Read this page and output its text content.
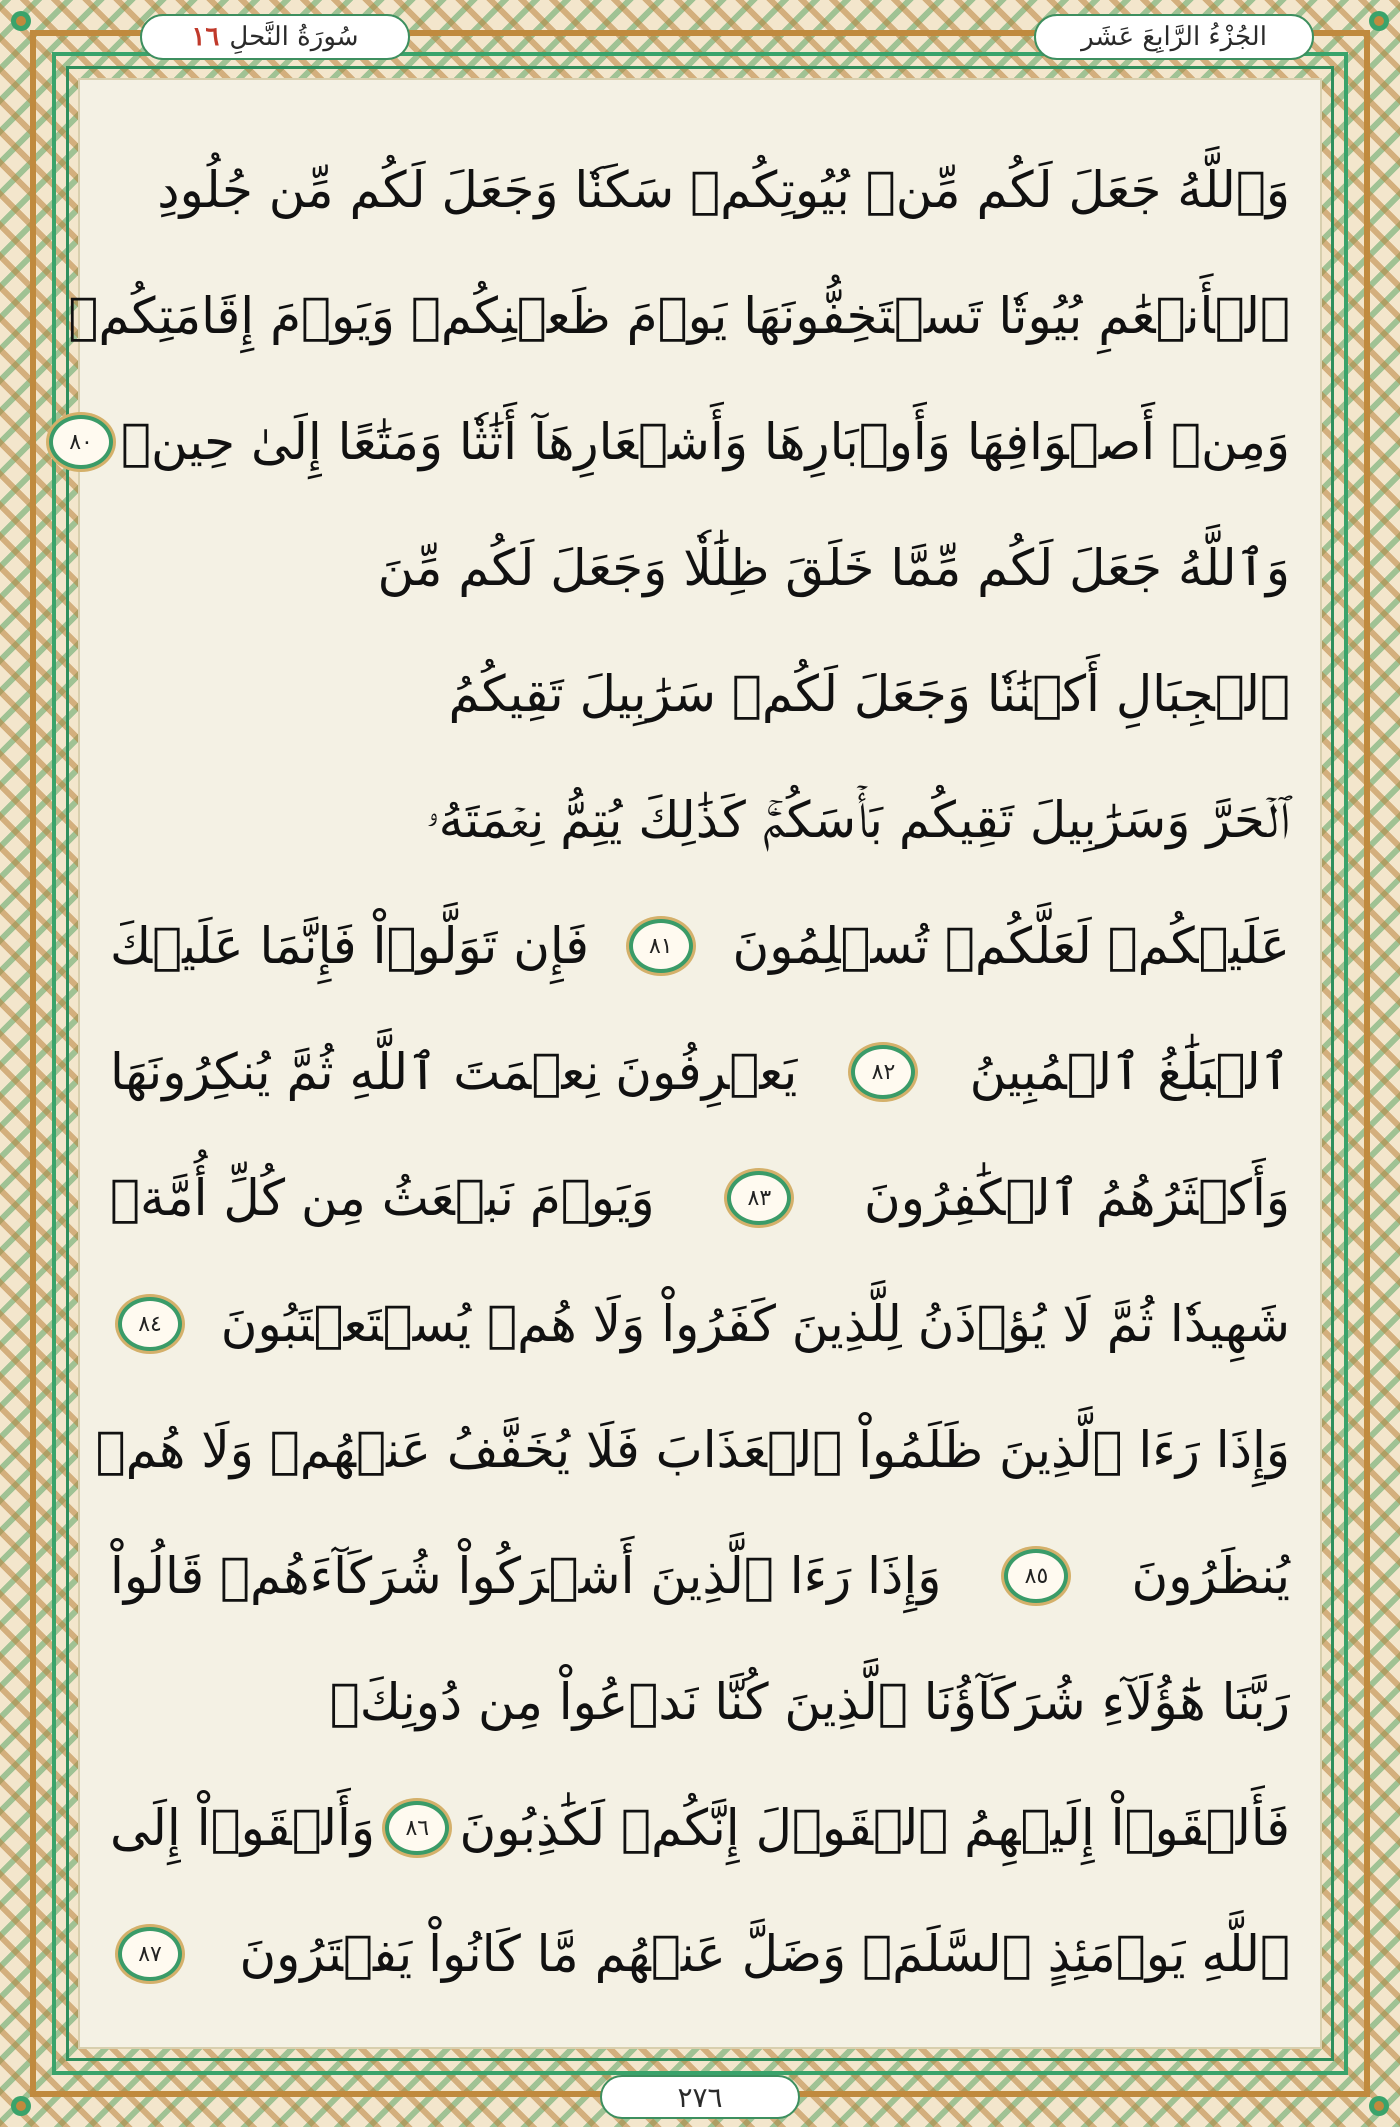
الجُزْءُ الرَّابِعَ عَشَر
سُورَةُ النَّحلِ
١٦
وَٱللَّهُ جَعَلَ لَكُم مِّنۢ بُيُوتِكُمۡ سَكَنٗا وَجَعَلَ لَكُم مِّن جُلُودِ
ٱلۡأَنۡعَٰمِ بُيُوتٗا تَسۡتَخِفُّونَهَا يَوۡمَ ظَعۡنِكُمۡ وَيَوۡمَ إِقَامَتِكُمۡ
وَمِنۡ أَصۡوَافِهَا وَأَوۡبَارِهَا وَأَشۡعَارِهَآ أَثَٰثٗا وَمَتَٰعًا إِلَىٰ حِينٖ
٨٠
وَٱللَّهُ جَعَلَ لَكُم مِّمَّا خَلَقَ ظِلَٰلٗا وَجَعَلَ لَكُم مِّنَ
ٱلۡجِبَالِ أَكۡنَٰنٗا وَجَعَلَ لَكُمۡ سَرَٰبِيلَ تَقِيكُمُ
ٱلۡحَرَّ وَسَرَٰبِيلَ تَقِيكُم بَأۡسَكُمۡۚ كَذَٰلِكَ يُتِمُّ نِعۡمَتَهُۥ
عَلَيۡكُمۡ لَعَلَّكُمۡ تُسۡلِمُونَ
٨١
فَإِن تَوَلَّوۡاْ فَإِنَّمَا عَلَيۡكَ
ٱلۡبَلَٰغُ ٱلۡمُبِينُ
٨٢
يَعۡرِفُونَ نِعۡمَتَ ٱللَّهِ ثُمَّ يُنكِرُونَهَا
وَأَكۡثَرُهُمُ ٱلۡكَٰفِرُونَ
٨٣
وَيَوۡمَ نَبۡعَثُ مِن كُلِّ أُمَّةٖ
شَهِيدٗا ثُمَّ لَا يُؤۡذَنُ لِلَّذِينَ كَفَرُواْ وَلَا هُمۡ يُسۡتَعۡتَبُونَ
٨٤
وَإِذَا رَءَا ٱلَّذِينَ ظَلَمُواْ ٱلۡعَذَابَ فَلَا يُخَفَّفُ عَنۡهُمۡ وَلَا هُمۡ
يُنظَرُونَ
٨٥
وَإِذَا رَءَا ٱلَّذِينَ أَشۡرَكُواْ شُرَكَآءَهُمۡ قَالُواْ
رَبَّنَا هَٰٓؤُلَآءِ شُرَكَآؤُنَا ٱلَّذِينَ كُنَّا نَدۡعُواْ مِن دُونِكَۖ
فَأَلۡقَوۡاْ إِلَيۡهِمُ ٱلۡقَوۡلَ إِنَّكُمۡ لَكَٰذِبُونَ
٨٦
وَأَلۡقَوۡاْ إِلَى
ٱللَّهِ يَوۡمَئِذٍ ٱلسَّلَمَۖ وَضَلَّ عَنۡهُم مَّا كَانُواْ يَفۡتَرُونَ
٨٧
٢٧٦
